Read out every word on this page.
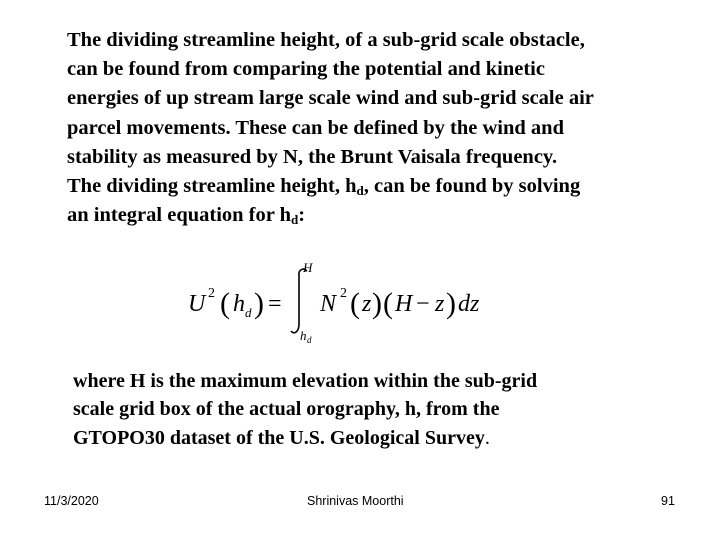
The dividing streamline height, of a sub-grid scale obstacle,
can be found from comparing the potential and kinetic
energies of up stream large scale wind and sub-grid scale air
parcel movements. These can be defined by the wind and
stability as measured by N, the Brunt Vaisala frequency.
The dividing streamline height, $h_d$, can be found by solving
an integral equation for $h_d$:
U 2 ( h d ) =
H
h d
N 2 ( z ) ( H − z ) dz
where H is the maximum elevation within the sub-grid
scale grid box of the actual orography, h, from the
GTOPO30 dataset of the U.S. Geological Survey.
11/3/2020	Shrinivas Moorthi	91
